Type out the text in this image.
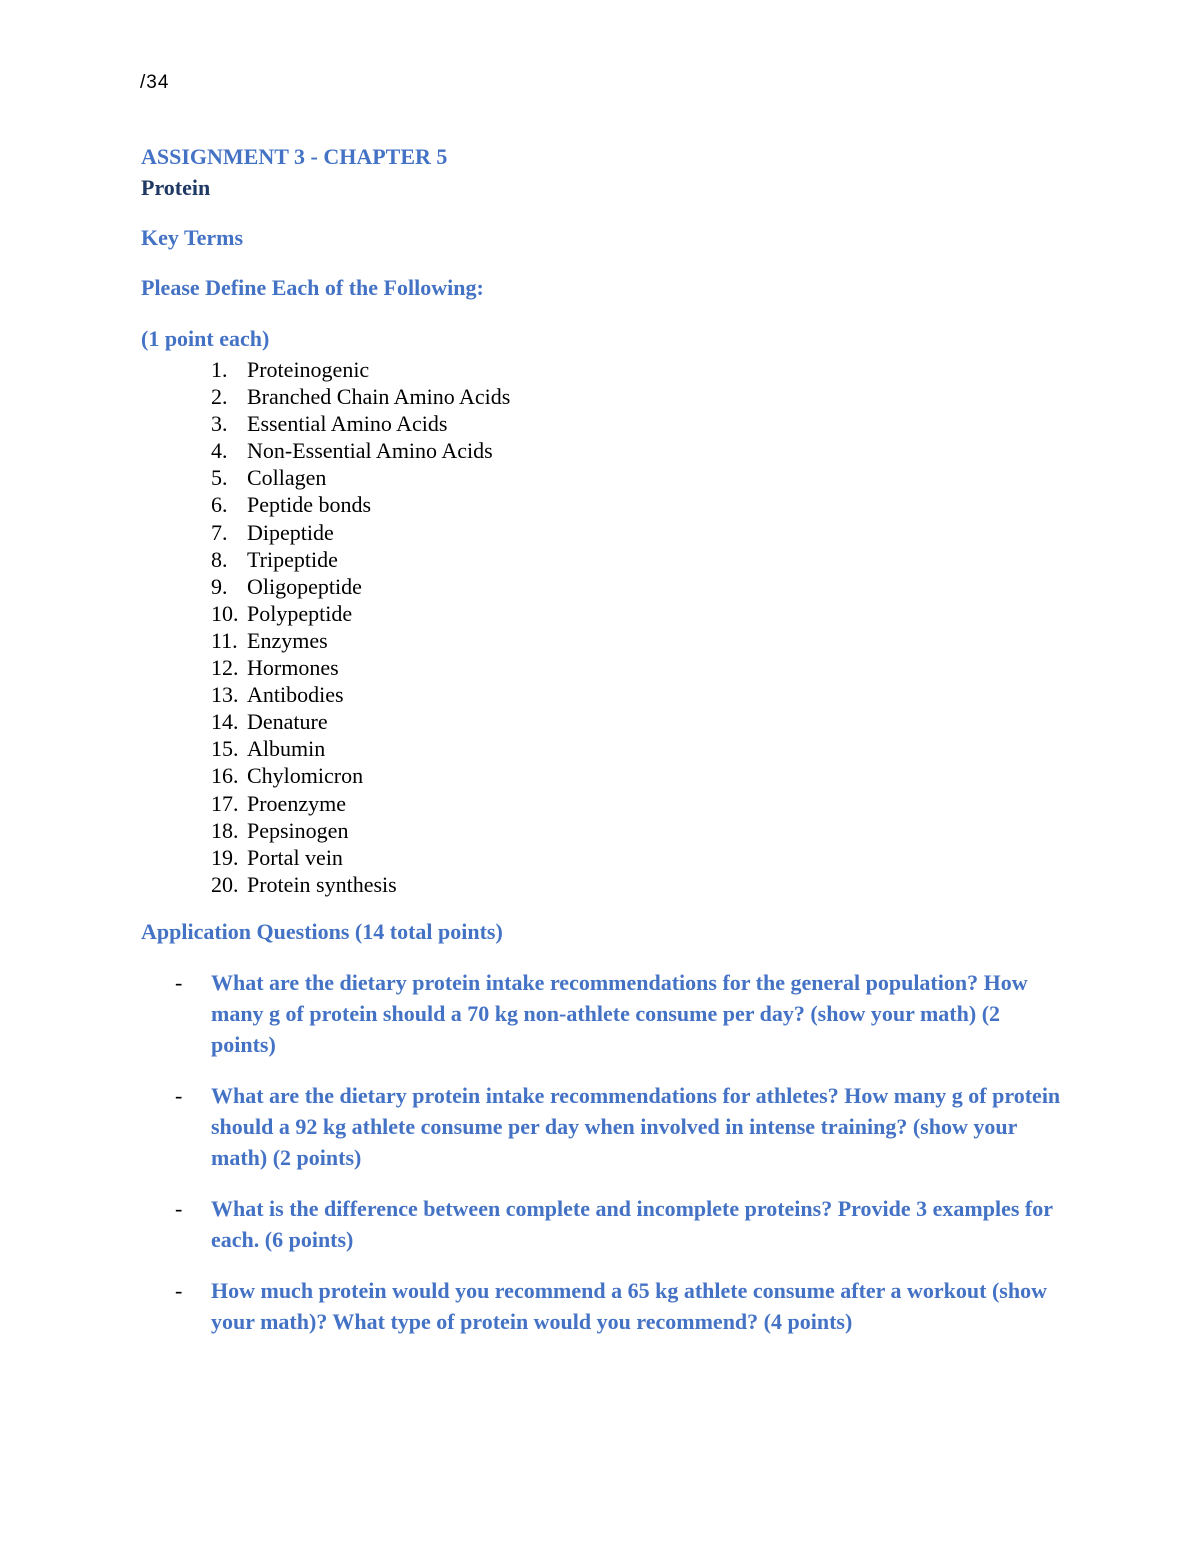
/34
ASSIGNMENT 3 - CHAPTER 5
Protein
Key Terms
Please Define Each of the Following:
(1 point each)
1. Proteinogenic
2. Branched Chain Amino Acids
3. Essential Amino Acids
4. Non-Essential Amino Acids
5. Collagen
6. Peptide bonds
7. Dipeptide
8. Tripeptide
9. Oligopeptide
10. Polypeptide
11. Enzymes
12. Hormones
13. Antibodies
14. Denature
15. Albumin
16. Chylomicron
17. Proenzyme
18. Pepsinogen
19. Portal vein
20. Protein synthesis
Application Questions (14 total points)
-	What are the dietary protein intake recommendations for the general population? How many g of protein should a 70 kg non-athlete consume per day? (show your math) (2 points)
-	What are the dietary protein intake recommendations for athletes? How many g of protein should a 92 kg athlete consume per day when involved in intense training? (show your math) (2 points)
-	What is the difference between complete and incomplete proteins? Provide 3 examples for each. (6 points)
-	How much protein would you recommend a 65 kg athlete consume after a workout (show your math)? What type of protein would you recommend? (4 points)
